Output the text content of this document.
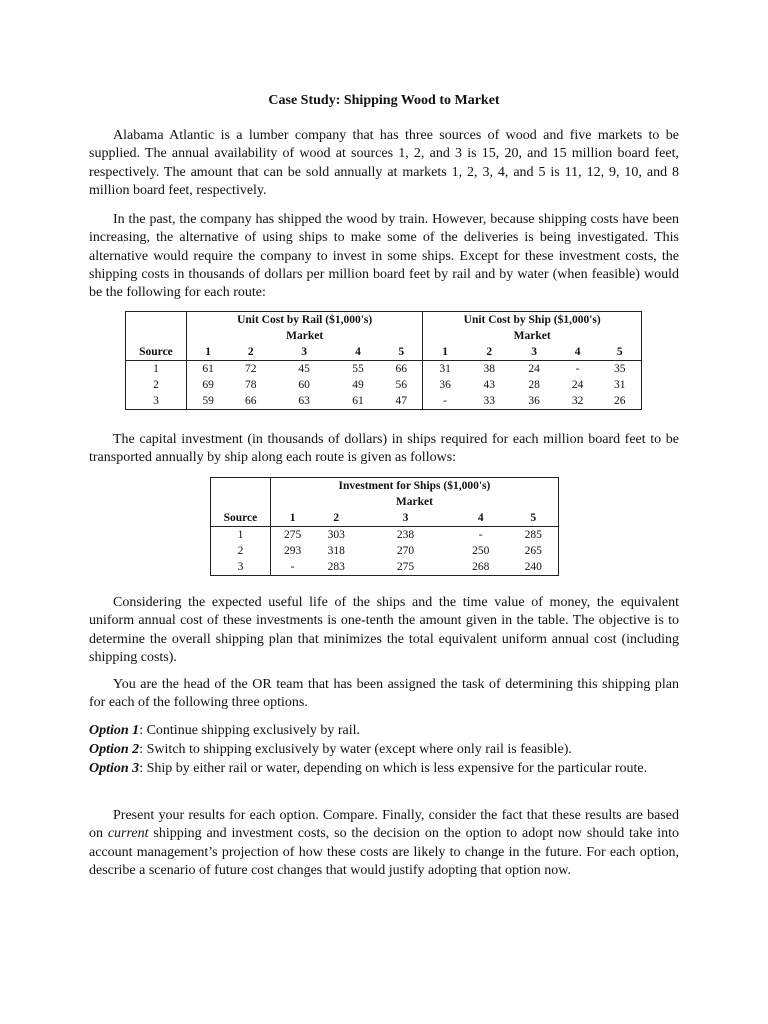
Case Study: Shipping Wood to Market

Alabama Atlantic is a lumber company that has three sources of wood and five markets to be supplied. The annual availability of wood at sources 1, 2, and 3 is 15, 20, and 15 million board feet, respectively. The amount that can be sold annually at markets 1, 2, 3, 4, and 5 is 11, 12, 9, 10, and 8 million board feet, respectively.

In the past, the company has shipped the wood by train. However, because shipping costs have been increasing, the alternative of using ships to make some of the deliveries is being investigated. This alternative would require the company to invest in some ships. Except for these investment costs, the shipping costs in thousands of dollars per million board feet by rail and by water (when feasible) would be the following for each route:

	Unit Cost by Rail ($1,000's)					Unit Cost by Ship ($1,000's)				
	Market					Market				
Source	1	2	3	4	5	1	2	3	4	5
1	61	72	45	55	66	31	38	24	-	35
2	69	78	60	49	56	36	43	28	24	31
3	59	66	63	61	47	-	33	36	32	26

The capital investment (in thousands of dollars) in ships required for each million board feet to be transported annually by ship along each route is given as follows:

	Investment for Ships ($1,000's)				
	Market				
Source	1	2	3	4	5
1	275	303	238	-	285
2	293	318	270	250	265
3	-	283	275	268	240

Considering the expected useful life of the ships and the time value of money, the equivalent uniform annual cost of these investments is one-tenth the amount given in the table. The objective is to determine the overall shipping plan that minimizes the total equivalent uniform annual cost (including shipping costs).

You are the head of the OR team that has been assigned the task of determining this shipping plan for each of the following three options.

Option 1: Continue shipping exclusively by rail.

Option 2: Switch to shipping exclusively by water (except where only rail is feasible).

Option 3: Ship by either rail or water, depending on which is less expensive for the particular route.

Present your results for each option. Compare. Finally, consider the fact that these results are based on current shipping and investment costs, so the decision on the option to adopt now should take into account management’s projection of how these costs are likely to change in the future. For each option, describe a scenario of future cost changes that would justify adopting that option now.
